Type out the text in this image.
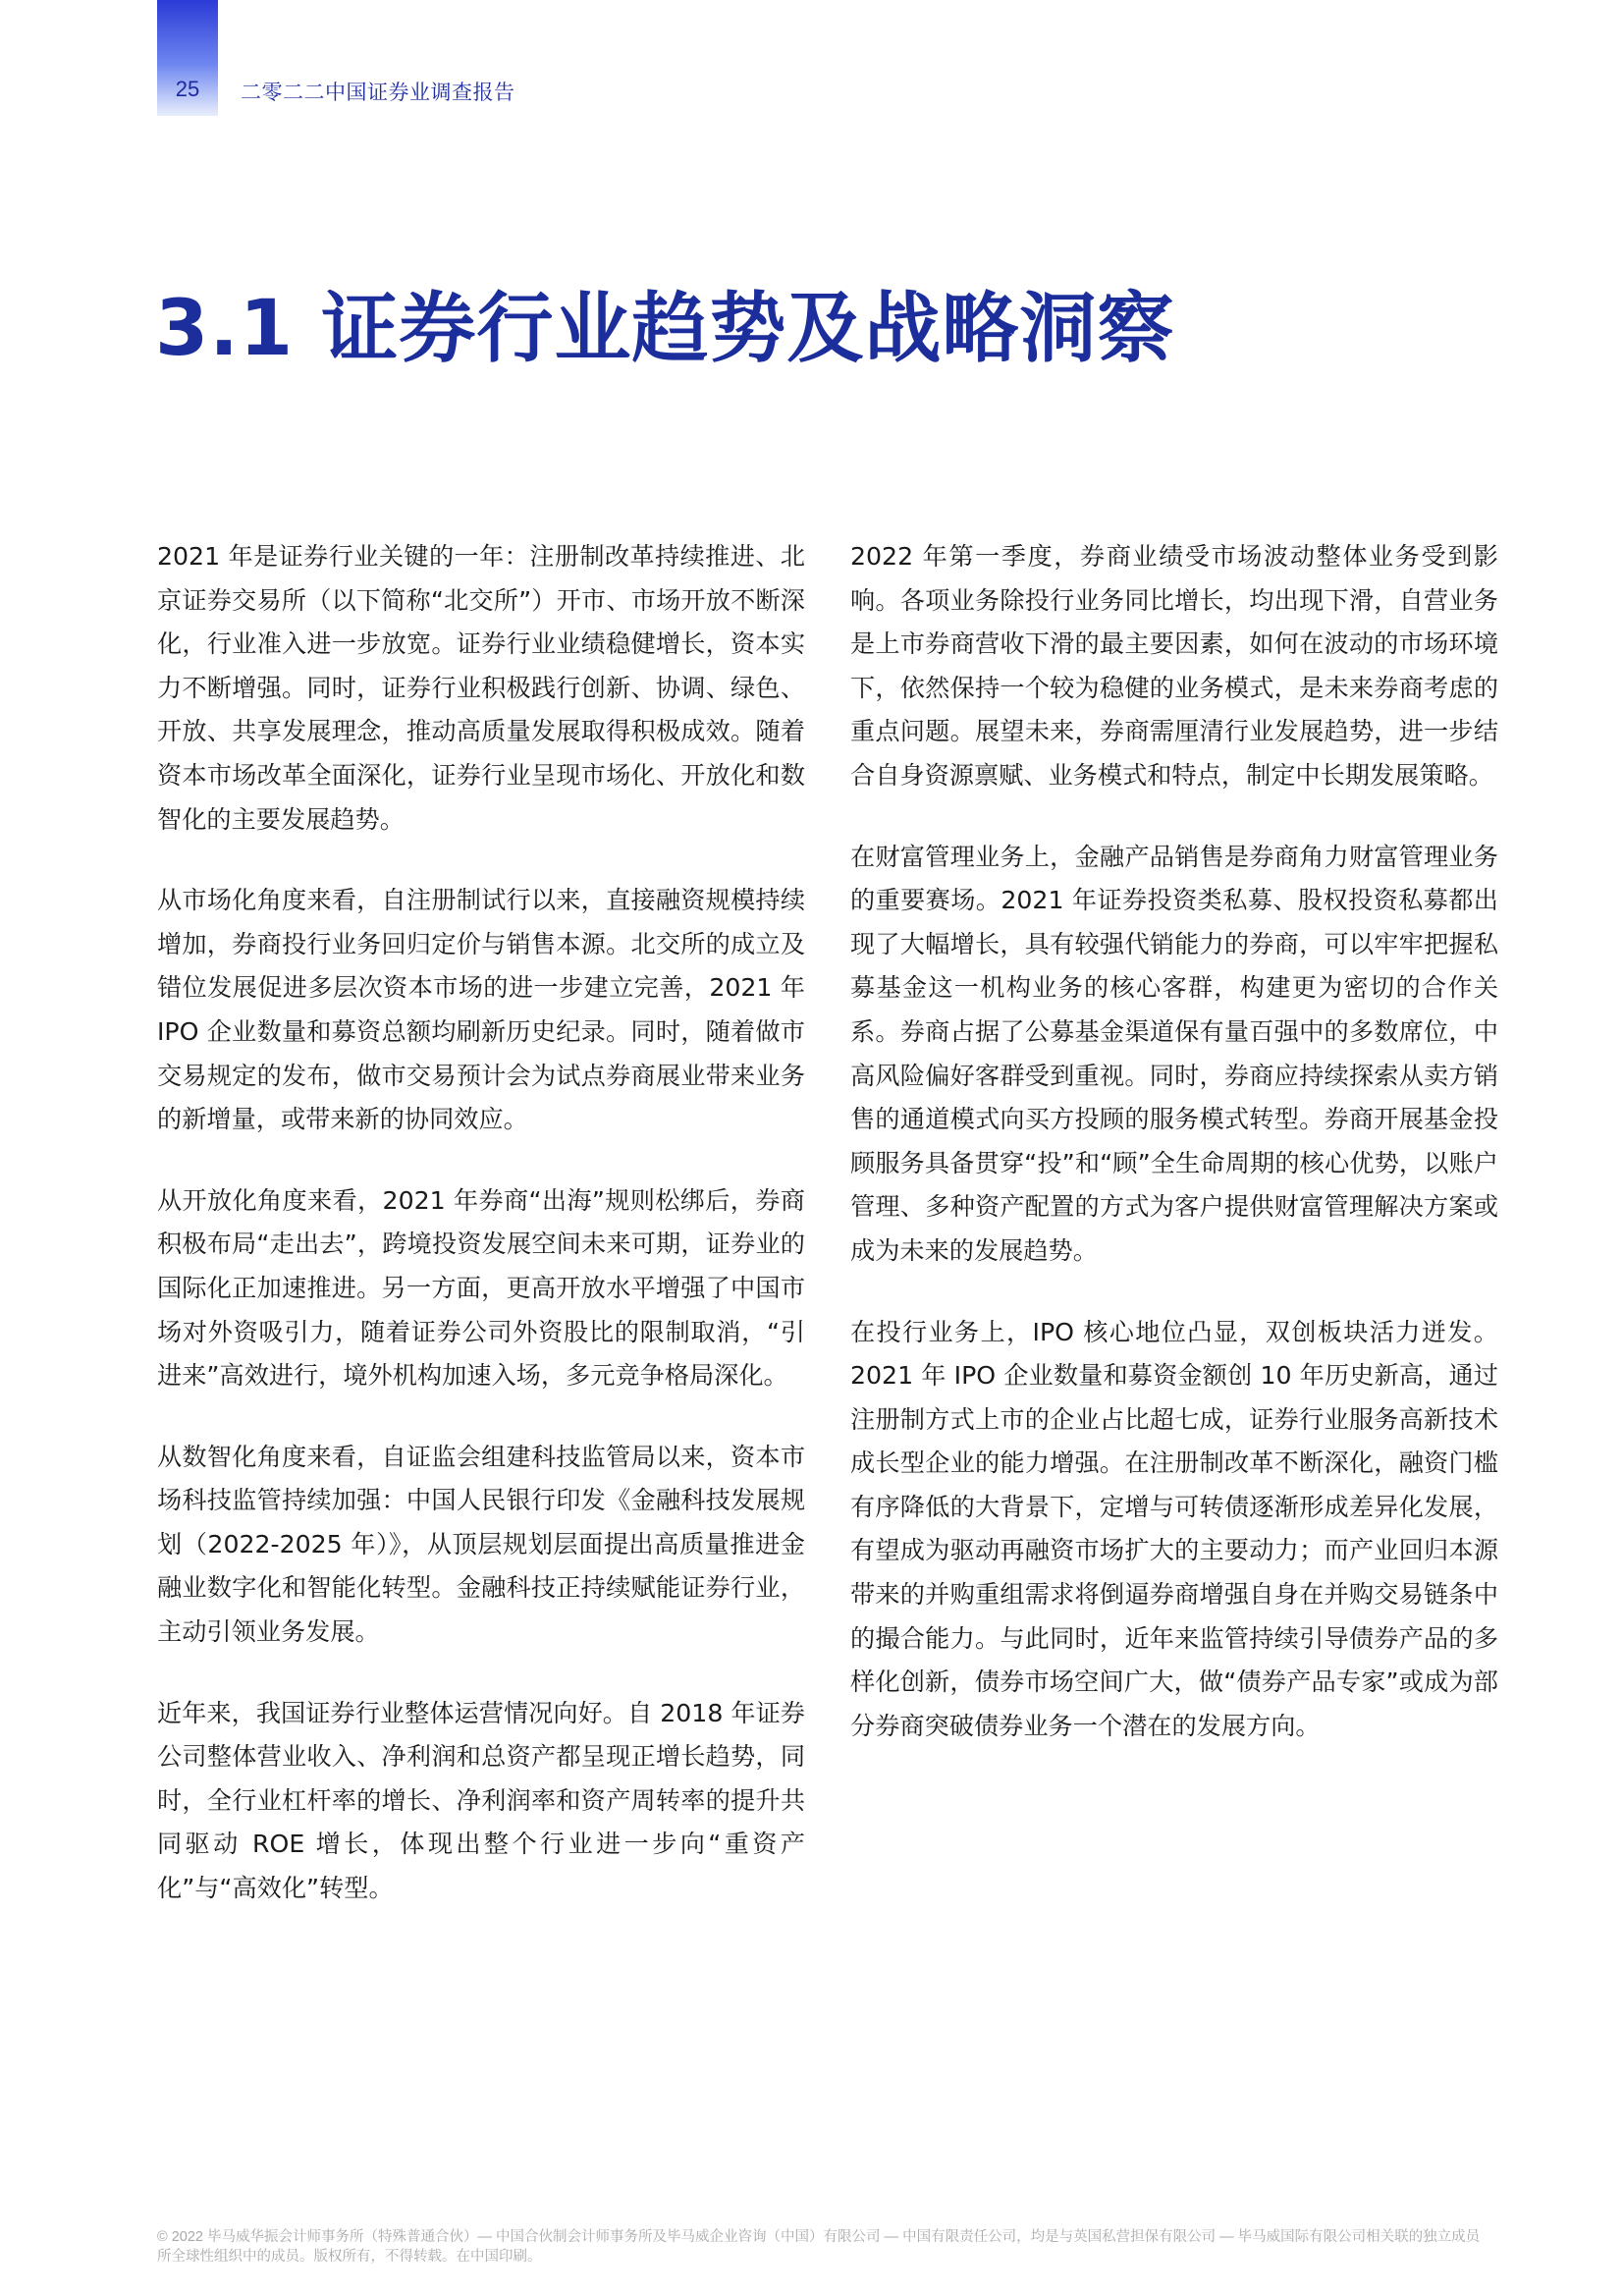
25	二零二二中国证券业调查报告
3.1 证券行业趋势及战略洞察

2021 年是证券行业关键的一年：注册制改革持续推进、北京证券交易所（以下简称“北交所”）开市、市场开放不断深化，行业准入进一步放宽。证券行业业绩稳健增长，资本实力不断增强。同时，证券行业积极践行创新、协调、绿色、开放、共享发展理念，推动高质量发展取得积极成效。随着资本市场改革全面深化，证券行业呈现市场化、开放化和数智化的主要发展趋势。

从市场化角度来看，自注册制试行以来，直接融资规模持续增加，券商投行业务回归定价与销售本源。北交所的成立及错位发展促进多层次资本市场的进一步建立完善，2021 年 IPO 企业数量和募资总额均刷新历史纪录。同时，随着做市交易规定的发布，做市交易预计会为试点券商展业带来业务的新增量，或带来新的协同效应。

从开放化角度来看，2021 年券商“出海”规则松绑后，券商积极布局“走出去”，跨境投资发展空间未来可期，证券业的国际化正加速推进。另一方面，更高开放水平增强了中国市场对外资吸引力，随着证券公司外资股比的限制取消，“引进来”高效进行，境外机构加速入场，多元竞争格局深化。

从数智化角度来看，自证监会组建科技监管局以来，资本市场科技监管持续加强：中国人民银行印发《金融科技发展规划（2022-2025 年）》，从顶层规划层面提出高质量推进金融业数字化和智能化转型。金融科技正持续赋能证券行业，主动引领业务发展。

近年来，我国证券行业整体运营情况向好。自 2018 年证券公司整体营业收入、净利润和总资产都呈现正增长趋势，同时，全行业杠杆率的增长、净利润率和资产周转率的提升共同驱动 ROE 增长，体现出整个行业进一步向“重资产化”与“高效化”转型。

2022 年第一季度，券商业绩受市场波动整体业务受到影响。各项业务除投行业务同比增长，均出现下滑，自营业务是上市券商营收下滑的最主要因素，如何在波动的市场环境下，依然保持一个较为稳健的业务模式，是未来券商考虑的重点问题。展望未来，券商需厘清行业发展趋势，进一步结合自身资源禀赋、业务模式和特点，制定中长期发展策略。

在财富管理业务上，金融产品销售是券商角力财富管理业务的重要赛场。2021 年证券投资类私募、股权投资私募都出现了大幅增长，具有较强代销能力的券商，可以牢牢把握私募基金这一机构业务的核心客群，构建更为密切的合作关系。券商占据了公募基金渠道保有量百强中的多数席位，中高风险偏好客群受到重视。同时，券商应持续探索从卖方销售的通道模式向买方投顾的服务模式转型。券商开展基金投顾服务具备贯穿“投”和“顾”全生命周期的核心优势，以账户管理、多种资产配置的方式为客户提供财富管理解决方案或成为未来的发展趋势。

在投行业务上，IPO 核心地位凸显，双创板块活力迸发。2021 年 IPO 企业数量和募资金额创 10 年历史新高，通过注册制方式上市的企业占比超七成，证券行业服务高新技术成长型企业的能力增强。在注册制改革不断深化，融资门槛有序降低的大背景下，定增与可转债逐渐形成差异化发展，有望成为驱动再融资市场扩大的主要动力；而产业回归本源带来的并购重组需求将倒逼券商增强自身在并购交易链条中的撮合能力。与此同时，近年来监管持续引导债券产品的多样化创新，债券市场空间广大，做“债券产品专家”或成为部分券商突破债券业务一个潜在的发展方向。

© 2022 毕马威华振会计师事务所（特殊普通合伙）— 中国合伙制会计师事务所及毕马威企业咨询（中国）有限公司 — 中国有限责任公司，均是与英国私营担保有限公司 — 毕马威国际有限公司相关联的独立成员所全球性组织中的成员。版权所有，不得转载。在中国印刷。
